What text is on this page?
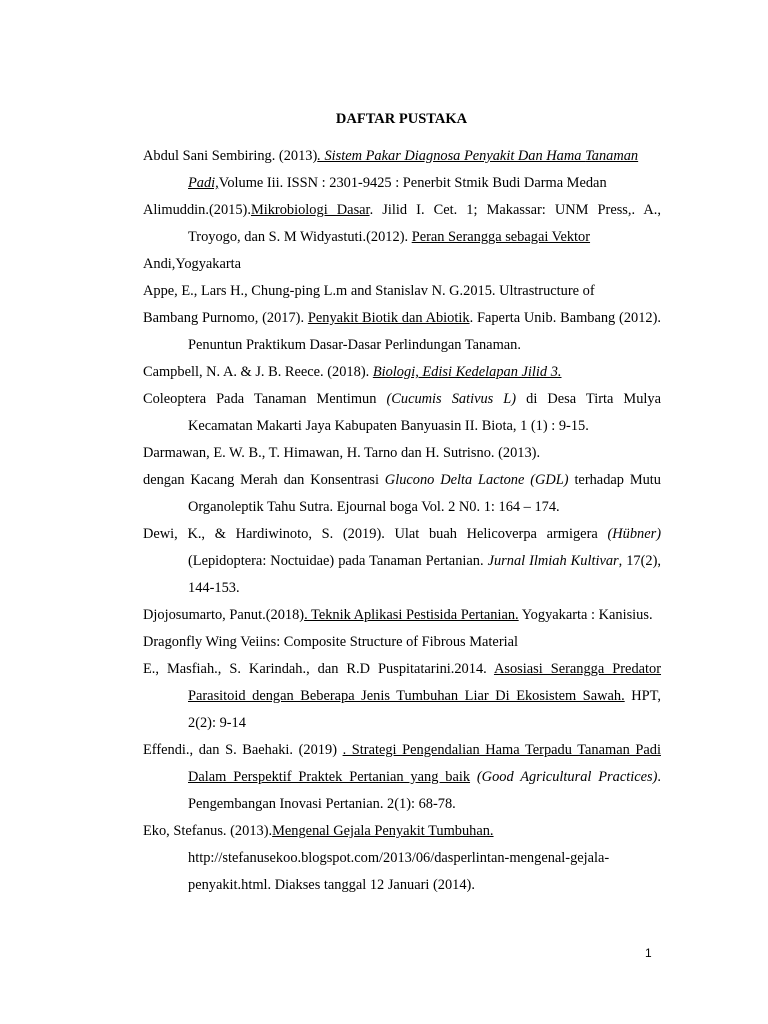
DAFTAR PUSTAKA

Abdul Sani Sembiring. (2013). Sistem Pakar Diagnosa Penyakit Dan Hama Tanaman Padi,Volume Iii. ISSN : 2301-9425 : Penerbit Stmik Budi Darma Medan

Alimuddin.(2015).Mikrobiologi Dasar. Jilid I. Cet. 1; Makassar: UNM Press,. A., Troyogo, dan S. M Widyastuti.(2012). Peran Serangga sebagai Vektor

Andi,Yogyakarta

Appe, E., Lars H., Chung-ping L.m and Stanislav N. G.2015. Ultrastructure of

Bambang Purnomo, (2017). Penyakit Biotik dan Abiotik. Faperta Unib. Bambang (2012). Penuntun Praktikum Dasar-Dasar Perlindungan Tanaman.

Campbell, N. A. & J. B. Reece. (2018). Biologi, Edisi Kedelapan Jilid 3.

Coleoptera Pada Tanaman Mentimun (Cucumis Sativus L) di Desa Tirta Mulya Kecamatan Makarti Jaya Kabupaten Banyuasin II. Biota, 1 (1) : 9-15.

Darmawan, E. W. B., T. Himawan, H. Tarno dan H. Sutrisno. (2013).

dengan Kacang Merah dan Konsentrasi Glucono Delta Lactone (GDL) terhadap Mutu Organoleptik Tahu Sutra. Ejournal boga Vol. 2 N0. 1: 164 – 174.

Dewi, K., & Hardiwinoto, S. (2019). Ulat buah Helicoverpa armigera (Hübner) (Lepidoptera: Noctuidae) pada Tanaman Pertanian. Jurnal Ilmiah Kultivar, 17(2), 144-153.

Djojosumarto, Panut.(2018). Teknik Aplikasi Pestisida Pertanian. Yogyakarta : Kanisius.

Dragonfly Wing Veiins: Composite Structure of Fibrous Material

E., Masfiah., S. Karindah., dan R.D Puspitatarini.2014. Asosiasi Serangga Predator Parasitoid dengan Beberapa Jenis Tumbuhan Liar Di Ekosistem Sawah. HPT, 2(2): 9-14

Effendi., dan S. Baehaki. (2019) . Strategi Pengendalian Hama Terpadu Tanaman Padi Dalam Perspektif Praktek Pertanian yang baik (Good Agricultural Practices). Pengembangan Inovasi Pertanian. 2(1): 68-78.

Eko, Stefanus. (2013).Mengenal Gejala Penyakit Tumbuhan. http://stefanusekoo.blogspot.com/2013/06/dasperlintan-mengenal-gejala-penyakit.html. Diakses tanggal 12 Januari (2014).

1
